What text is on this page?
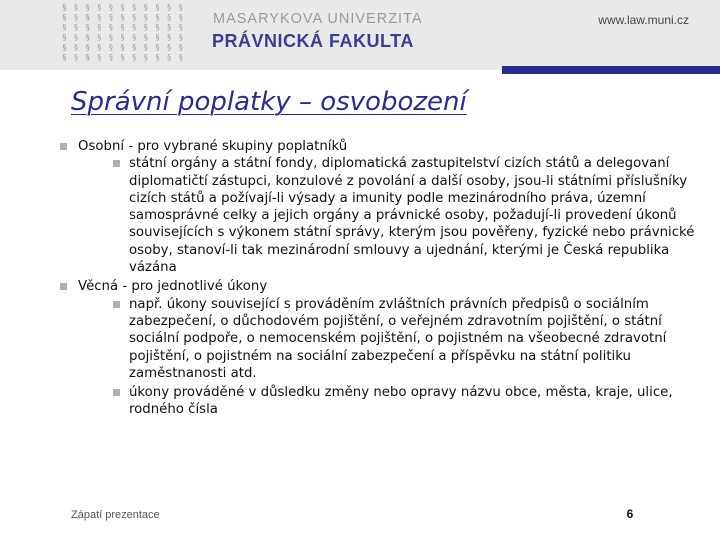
§ § § § § § § § § § §
§ § § § § § § § § § §
§ § § § § § § § § § §
§ § § § § § § § § § §
§ § § § § § § § § § §
§ § § § § § § § § § §
MASARYKOVA UNIVERZITA
PRÁVNICKÁ FAKULTA
www.law.muni.cz
Správní poplatky – osvobození
Osobní - pro vybrané skupiny poplatníků
státní orgány a státní fondy, diplomatická zastupitelství cizích států a delegovaní diplomatičtí zástupci, konzulové z povolání a další osoby, jsou-li státními příslušníky cizích států a požívají-li výsady a imunity podle mezinárodního práva, územní samosprávné celky a jejich orgány a právnické osoby, požadují-li provedení úkonů souvisejících s výkonem státní správy, kterým jsou pověřeny, fyzické nebo právnické osoby, stanoví-li tak mezinárodní smlouvy a ujednání, kterými je Česká republika vázána
Věcná - pro jednotlivé úkony
např. úkony související s prováděním zvláštních právních předpisů o sociálním zabezpečení, o důchodovém pojištění, o veřejném zdravotním pojištění, o státní sociální podpoře, o nemocenském pojištění, o pojistném na všeobecné zdravotní pojištění, o pojistném na sociální zabezpečení a příspěvku na státní politiku zaměstnanosti atd.
úkony prováděné v důsledku změny nebo opravy názvu obce, města, kraje, ulice, rodného čísla
Zápatí prezentace	6
